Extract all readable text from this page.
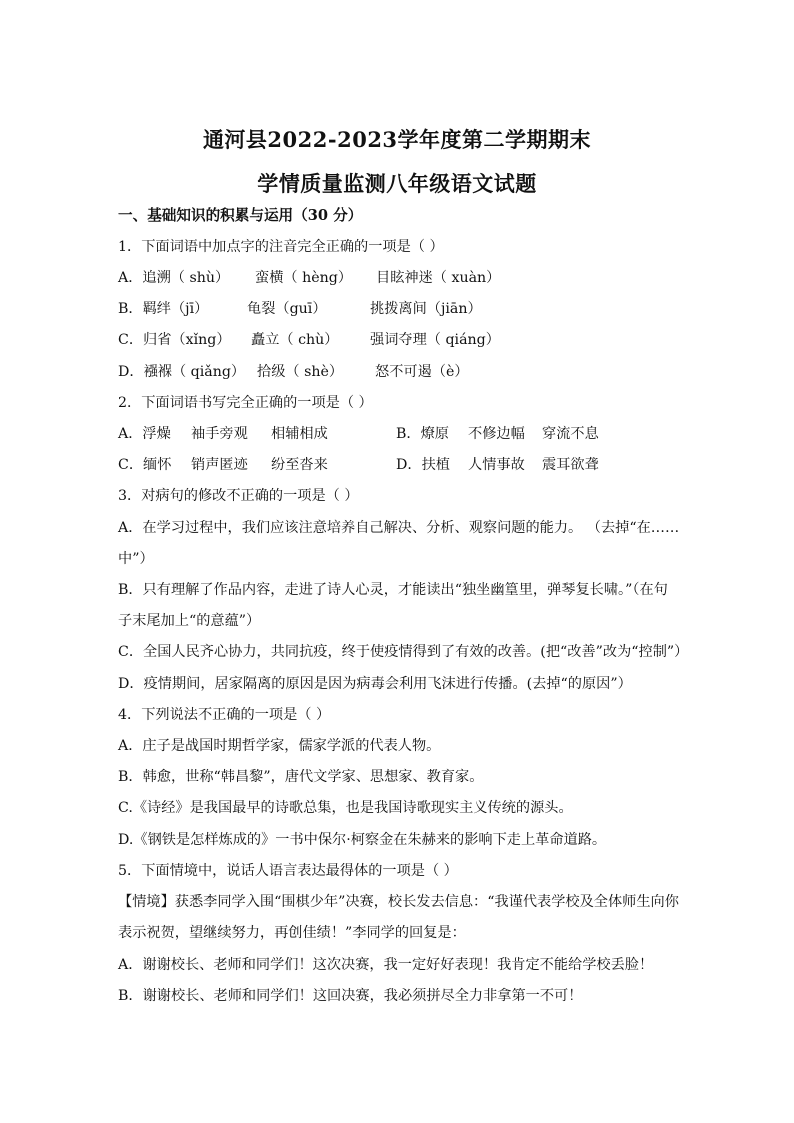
通河县2022-2023学年度第二学期期末
学情质量监测八年级语文试题
一、基础知识的积累与运用（30 分）
1．下面词语中加点字的注音完全正确的一项是（ ）
A．追溯（ shù） 蛮横（ hèng） 目眩神迷（ xuàn）
B．羁绊（jī）	龟裂（guī）	挑拨离间（jiān）
C．归省（xǐng） 矗立（ chù） 强词夺理（ qiáng）
D．襁褓（ qiǎng） 拾级（ shè） 怒不可遏（è）
2．下面词语书写完全正确的一项是（ ）
A．浮燥 袖手旁观 相辅相成	B．燎原 不修边幅 穿流不息
C．缅怀 销声匿迹 纷至沓来	D．扶植 人情事故 震耳欲聋
3．对病句的修改不正确的一项是（ ）
A．在学习过程中，我们应该注意培养自己解决、分析、观察问题的能力。 （去掉“在……
中”）
B．只有理解了作品内容，走进了诗人心灵，才能读出“独坐幽篁里，弹琴复长啸。”（在句
子末尾加上“的意蕴”）
C．全国人民齐心协力，共同抗疫，终于使疫情得到了有效的改善。(把“改善”改为“控制”）
D．疫情期间，居家隔离的原因是因为病毒会利用飞沫进行传播。(去掉“的原因”）
4．下列说法不正确的一项是（ ）
A．庄子是战国时期哲学家，儒家学派的代表人物。
B．韩愈，世称“韩昌黎”，唐代文学家、思想家、教育家。
C.《诗经》是我国最早的诗歌总集，也是我国诗歌现实主义传统的源头。
D.《钢铁是怎样炼成的》一书中保尔·柯察金在朱赫来的影响下走上革命道路。
5．下面情境中，说话人语言表达最得体的一项是（ ）
【情境】获悉李同学入围“围棋少年”决赛，校长发去信息：“我谨代表学校及全体师生向你
表示祝贺，望继续努力，再创佳绩！”李同学的回复是：
A．谢谢校长、老师和同学们！这次决赛，我一定好好表现！我肯定不能给学校丢脸！
B．谢谢校长、老师和同学们！这回决赛，我必须拼尽全力非拿第一不可！
